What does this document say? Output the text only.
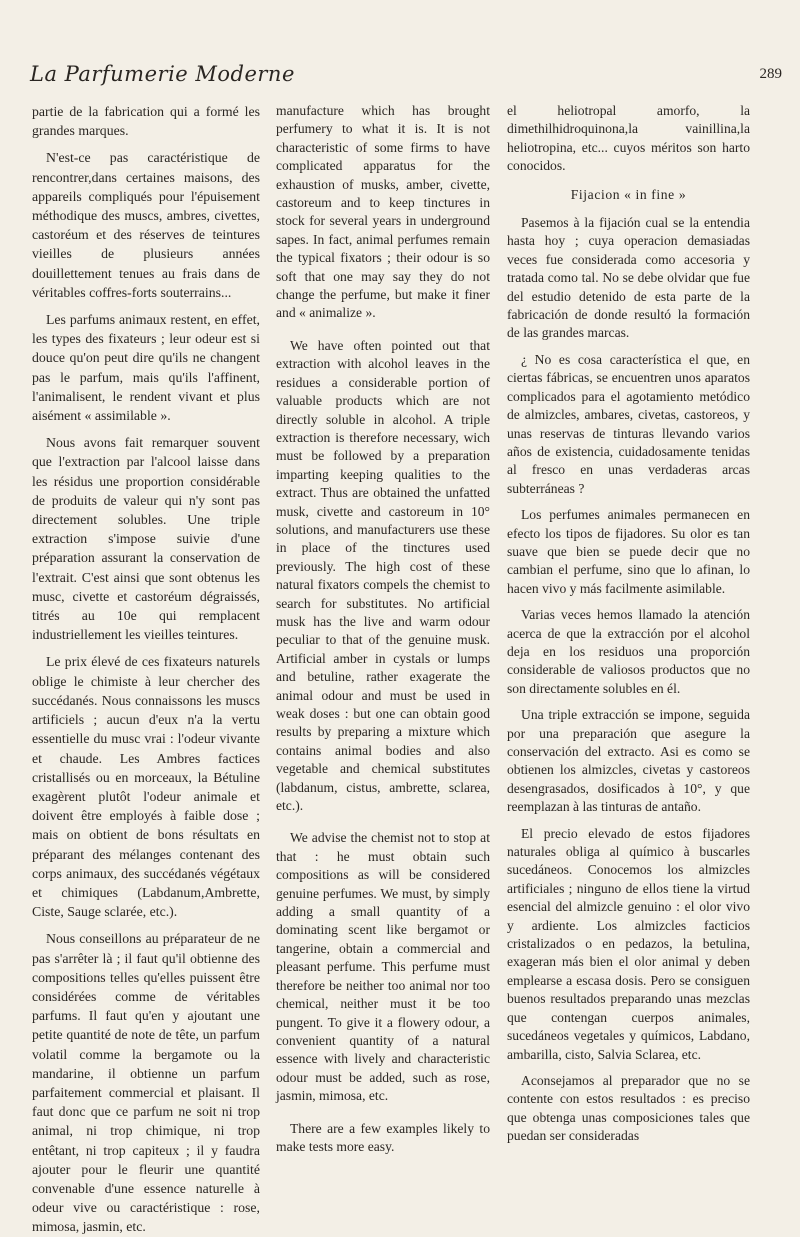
La Parfumerie Moderne	289

partie de la fabrication qui a formé les grandes marques.

N'est-ce pas caractéristique de rencontrer,dans certaines maisons, des appareils compliqués pour l'épuisement méthodique des muscs, ambres, civettes, castoréum et des réserves de teintures vieilles de plusieurs années douillettement tenues au frais dans de véritables coffres-forts souterrains...

Les parfums animaux restent, en effet, les types des fixateurs ; leur odeur est si douce qu'on peut dire qu'ils ne changent pas le parfum, mais qu'ils l'affinent, l'animalisent, le rendent vivant et plus aisément « assimilable ».

Nous avons fait remarquer souvent que l'extraction par l'alcool laisse dans les résidus une proportion considérable de produits de valeur qui n'y sont pas directement solubles. Une triple extraction s'impose suivie d'une préparation assurant la conservation de l'extrait. C'est ainsi que sont obtenus les musc, civette et castoréum dégraissés, titrés au 10e qui remplacent industriellement les vieilles teintures.

Le prix élevé de ces fixateurs naturels oblige le chimiste à leur chercher des succédanés. Nous connaissons les muscs artificiels ; aucun d'eux n'a la vertu essentielle du musc vrai : l'odeur vivante et chaude. Les Ambres factices cristallisés ou en morceaux, la Bétuline exagèrent plutôt l'odeur animale et doivent être employés à faible dose ; mais on obtient de bons résultats en préparant des mélanges contenant des corps animaux, des succédanés végétaux et chimiques (Labdanum,Ambrette, Ciste, Sauge sclarée, etc.).

Nous conseillons au préparateur de ne pas s'arrêter là ; il faut qu'il obtienne des compositions telles qu'elles puissent être considérées comme de véritables parfums. Il faut qu'en y ajoutant une petite quantité de note de tête, un parfum volatil comme la bergamote ou la mandarine, il obtienne un parfum parfaitement commercial et plaisant. Il faut donc que ce parfum ne soit ni trop animal, ni trop chimique, ni trop entêtant, ni trop capiteux ; il y faudra ajouter pour le fleurir une quantité convenable d'une essence naturelle à odeur vive ou caractéristique : rose, mimosa, jasmin, etc.

manufacture which has brought perfumery to what it is. It is not characteristic of some firms to have complicated apparatus for the exhaustion of musks, amber, civette, castoreum and to keep tinctures in stock for several years in underground sapes. In fact, animal perfumes remain the typical fixators ; their odour is so soft that one may say they do not change the perfume, but make it finer and « animalize ».

We have often pointed out that extraction with alcohol leaves in the residues a considerable portion of valuable products which are not directly soluble in alcohol. A triple extraction is therefore necessary, wich must be followed by a preparation imparting keeping qualities to the extract. Thus are obtained the unfatted musk, civette and castoreum in 10° solutions, and manufacturers use these in place of the tinctures used previously. The high cost of these natural fixators compels the chemist to search for substitutes. No artificial musk has the live and warm odour peculiar to that of the genuine musk. Artificial amber in cystals or lumps and betuline, rather exagerate the animal odour and must be used in weak doses : but one can obtain good results by preparing a mixture which contains animal bodies and also vegetable and chemical substitutes (labdanum, cistus, ambrette, sclarea, etc.).

We advise the chemist not to stop at that : he must obtain such compositions as will be considered genuine perfumes. We must, by simply adding a small quantity of a dominating scent like bergamot or tangerine, obtain a commercial and pleasant perfume. This perfume must therefore be neither too animal nor too chemical, neither must it be too pungent. To give it a flowery odour, a convenient quantity of a natural essence with lively and characteristic odour must be added, such as rose, jasmin, mimosa, etc.

There are a few examples likely to make tests more easy.

el heliotropal amorfo, la dimethilhidroquinona,la vainillina,la heliotropina, etc... cuyos méritos son harto conocidos.

Fijacion « in fine »

Pasemos à la fijación cual se la entendia hasta hoy ; cuya operacion demasiadas veces fue considerada como accesoria y tratada como tal. No se debe olvidar que fue del estudio detenido de esta parte de la fabricación de donde resultó la formación de las grandes marcas.

¿ No es cosa característica el que, en ciertas fábricas, se encuentren unos aparatos complicados para el agotamiento metódico de almizcles, ambares, civetas, castoreos, y unas reservas de tinturas llevando varios años de existencia, cuidadosamente tenidas al fresco en unas verdaderas arcas subterráneas ?

Los perfumes animales permanecen en efecto los tipos de fijadores. Su olor es tan suave que bien se puede decir que no cambian el perfume, sino que lo afinan, lo hacen vivo y más facilmente asimilable.

Varias veces hemos llamado la atención acerca de que la extracción por el alcohol deja en los residuos una proporción considerable de valiosos productos que no son directamente solubles en él.

Una triple extracción se impone, seguida por una preparación que asegure la conservación del extracto. Asi es como se obtienen los almizcles, civetas y castoreos desengrasados, dosificados à 10°, y que reemplazan à las tinturas de antaño.

El precio elevado de estos fijadores naturales obliga al químico à buscarles sucedáneos. Conocemos los almizcles artificiales ; ninguno de ellos tiene la virtud esencial del almizcle genuino : el olor vivo y ardiente. Los almizcles facticios cristalizados o en pedazos, la betulina, exageran más bien el olor animal y deben emplearse a escasa dosis. Pero se consiguen buenos resultados preparando unas mezclas que contengan cuerpos animales, sucedáneos vegetales y químicos, Labdano, ambarilla, cisto, Salvia Sclarea, etc.

Aconsejamos al preparador que no se contente con estos resultados : es preciso que obtenga unas composiciones tales que puedan ser consideradas
